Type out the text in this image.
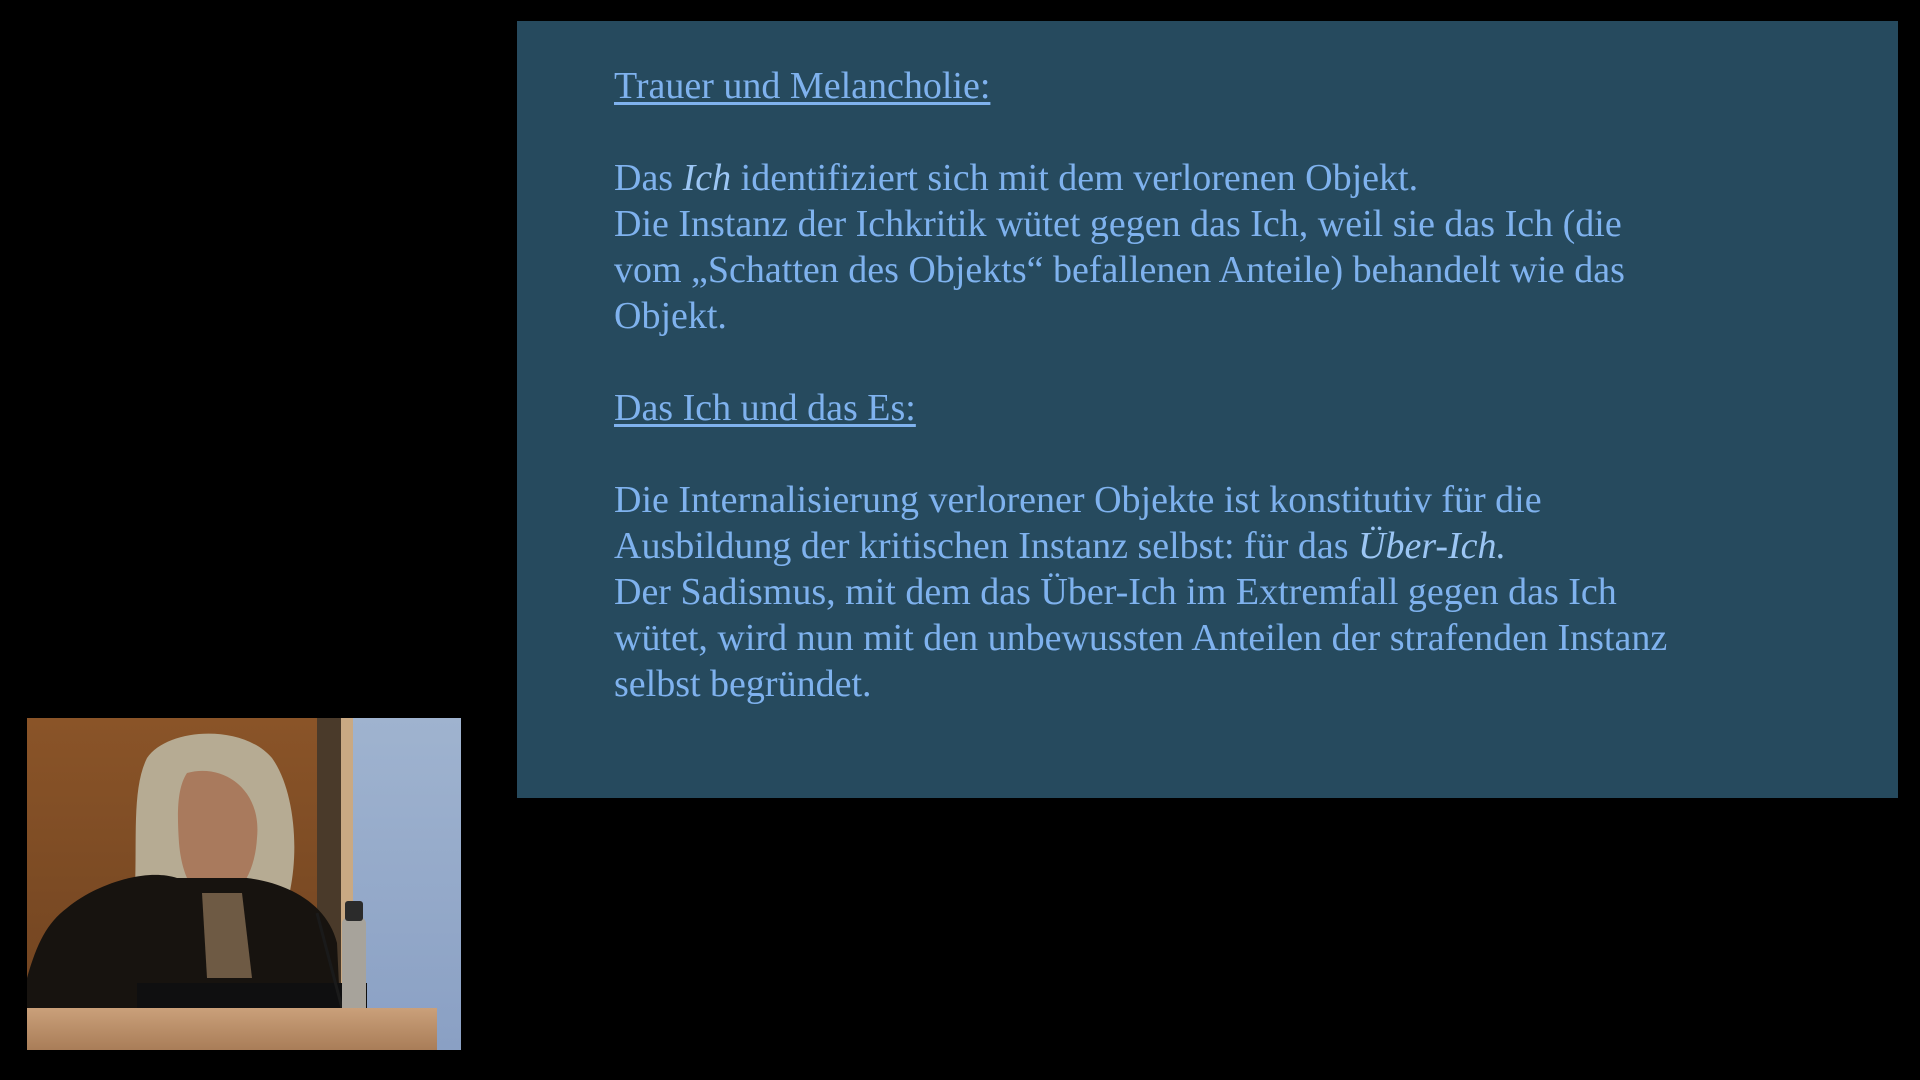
Trauer und Melancholie:
Das Ich identifiziert sich mit dem verlorenen Objekt.
Die Instanz der Ichkritik wütet gegen das Ich, weil sie das Ich (die
vom „Schatten des Objekts“ befallenen Anteile) behandelt wie das
Objekt.
Das Ich und das Es:
Die Internalisierung verlorener Objekte ist konstitutiv für die
Ausbildung der kritischen Instanz selbst: für das Über-Ich.
Der Sadismus, mit dem das Über-Ich im Extremfall gegen das Ich
wütet, wird nun mit den unbewussten Anteilen der strafenden Instanz
selbst begründet.
